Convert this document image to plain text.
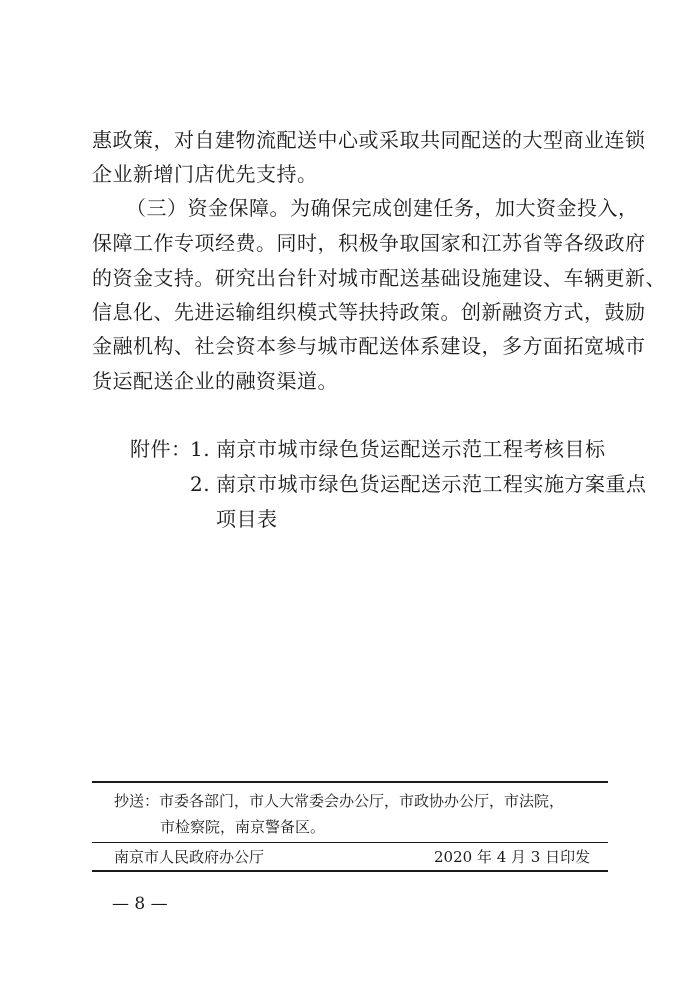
惠政策，对自建物流配送中心或采取共同配送的大型商业连锁
企业新增门店优先支持。
（三）资金保障。为确保完成创建任务，加大资金投入，
保障工作专项经费。同时，积极争取国家和江苏省等各级政府
的资金支持。研究出台针对城市配送基础设施建设、车辆更新、
信息化、先进运输组织模式等扶持政策。创新融资方式，鼓励
金融机构、社会资本参与城市配送体系建设，多方面拓宽城市
货运配送企业的融资渠道。
附件：
1. 南京市城市绿色货运配送示范工程考核目标
2. 南京市城市绿色货运配送示范工程实施方案重点
项目表
抄送：市委各部门，市人大常委会办公厅，市政协办公厅，市法院，
市检察院，南京警备区。
南京市人民政府办公厅	2020 年 4 月 3 日印发
— 8 —
